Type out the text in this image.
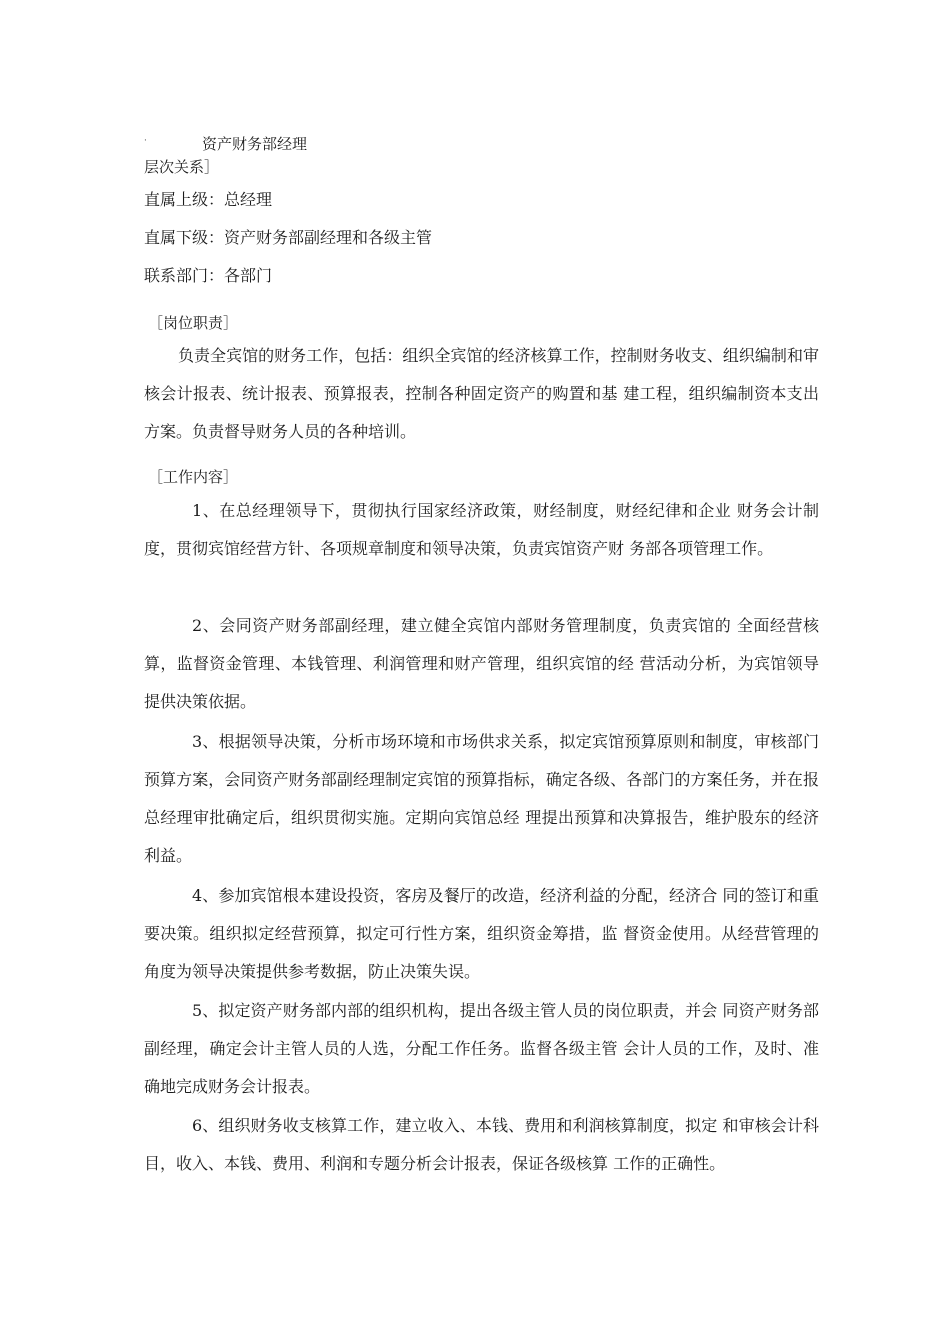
·	资产财务部经理
层次关系］
直属上级：总经理
直属下级：资产财务部副经理和各级主管
联系部门：各部门
［岗位职责］

负责全宾馆的财务工作，包括：组织全宾馆的经济核算工作，控制财务收支、组织编制和审核会计报表、统计报表、预算报表，控制各种固定资产的购置和基 建工程，组织编制资本支出方案。负责督导财务人员的各种培训。

［工作内容］

1、在总经理领导下，贯彻执行国家经济政策，财经制度，财经纪律和企业 财务会计制度，贯彻宾馆经营方针、各项规章制度和领导决策，负责宾馆资产财 务部各项管理工作。

2、会同资产财务部副经理，建立健全宾馆内部财务管理制度，负责宾馆的 全面经营核算，监督资金管理、本钱管理、利润管理和财产管理，组织宾馆的经 营活动分析，为宾馆领导提供决策依据。

3、根据领导决策，分析市场环境和市场供求关系，拟定宾馆预算原则和制度，审核部门预算方案，会同资产财务部副经理制定宾馆的预算指标，确定各级、各部门的方案任务，并在报总经理审批确定后，组织贯彻实施。定期向宾馆总经 理提出预算和决算报告，维护股东的经济利益。

4、参加宾馆根本建设投资，客房及餐厅的改造，经济利益的分配，经济合 同的签订和重要决策。组织拟定经营预算，拟定可行性方案，组织资金筹措，监 督资金使用。从经营管理的角度为领导决策提供参考数据，防止决策失误。

5、拟定资产财务部内部的组织机构，提出各级主管人员的岗位职责，并会 同资产财务部副经理，确定会计主管人员的人选，分配工作任务。监督各级主管 会计人员的工作，及时、准确地完成财务会计报表。

6、组织财务收支核算工作，建立收入、本钱、费用和利润核算制度，拟定 和审核会计科目，收入、本钱、费用、利润和专题分析会计报表，保证各级核算 工作的正确性。
